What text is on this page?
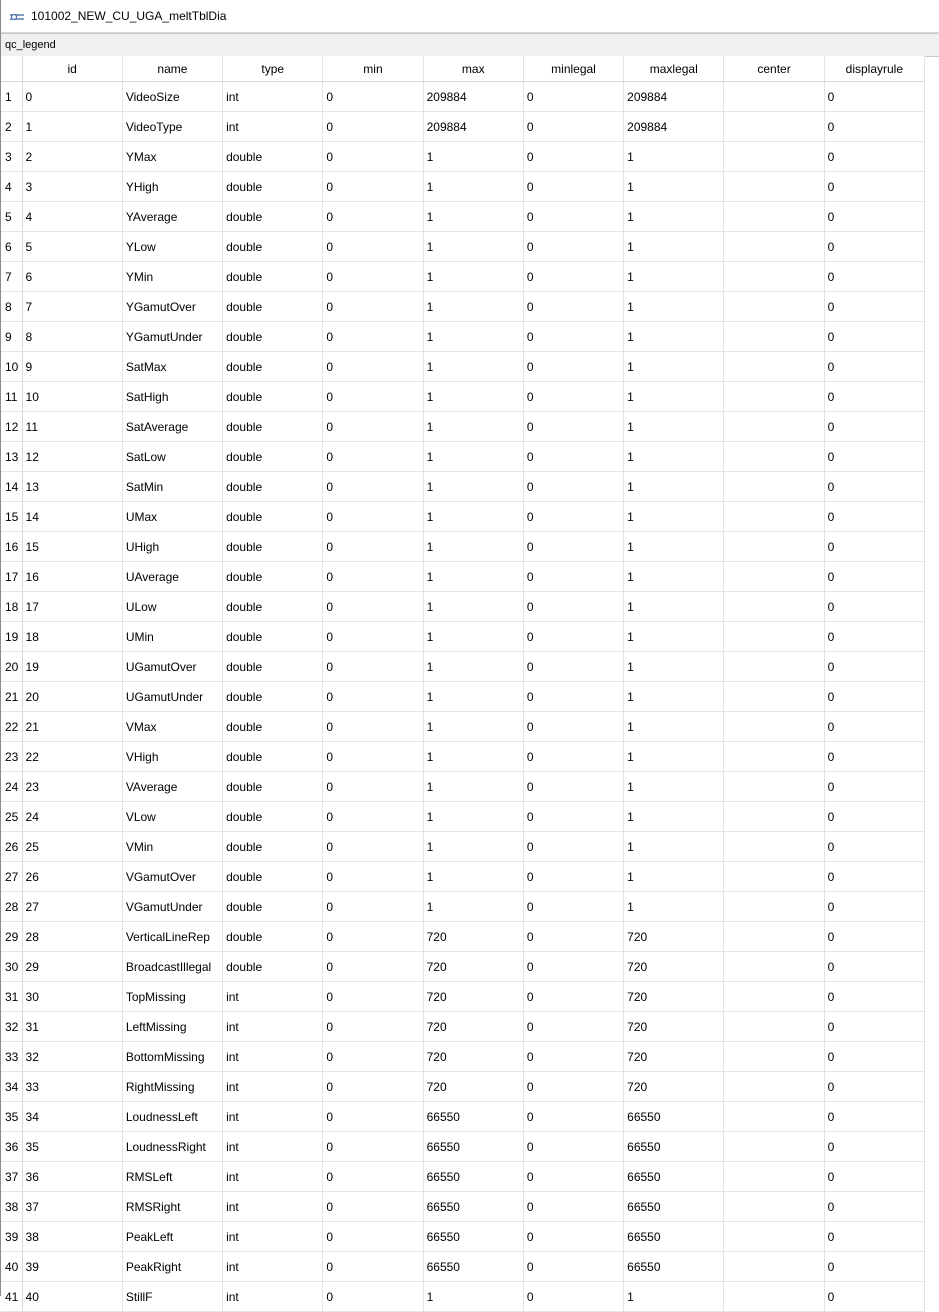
101002_NEW_CU_UGA_meltTblDia
qc_legend
	id	name	type	min	max	minlegal	maxlegal	center	displayrule
1	0	VideoSize	int	0	209884	0	209884		0
2	1	VideoType	int	0	209884	0	209884		0
3	2	YMax	double	0	1	0	1		0
4	3	YHigh	double	0	1	0	1		0
5	4	YAverage	double	0	1	0	1		0
6	5	YLow	double	0	1	0	1		0
7	6	YMin	double	0	1	0	1		0
8	7	YGamutOver	double	0	1	0	1		0
9	8	YGamutUnder	double	0	1	0	1		0
10	9	SatMax	double	0	1	0	1		0
11	10	SatHigh	double	0	1	0	1		0
12	11	SatAverage	double	0	1	0	1		0
13	12	SatLow	double	0	1	0	1		0
14	13	SatMin	double	0	1	0	1		0
15	14	UMax	double	0	1	0	1		0
16	15	UHigh	double	0	1	0	1		0
17	16	UAverage	double	0	1	0	1		0
18	17	ULow	double	0	1	0	1		0
19	18	UMin	double	0	1	0	1		0
20	19	UGamutOver	double	0	1	0	1		0
21	20	UGamutUnder	double	0	1	0	1		0
22	21	VMax	double	0	1	0	1		0
23	22	VHigh	double	0	1	0	1		0
24	23	VAverage	double	0	1	0	1		0
25	24	VLow	double	0	1	0	1		0
26	25	VMin	double	0	1	0	1		0
27	26	VGamutOver	double	0	1	0	1		0
28	27	VGamutUnder	double	0	1	0	1		0
29	28	VerticalLineRep	double	0	720	0	720		0
30	29	BroadcastIllegal	double	0	720	0	720		0
31	30	TopMissing	int	0	720	0	720		0
32	31	LeftMissing	int	0	720	0	720		0
33	32	BottomMissing	int	0	720	0	720		0
34	33	RightMissing	int	0	720	0	720		0
35	34	LoudnessLeft	int	0	66550	0	66550		0
36	35	LoudnessRight	int	0	66550	0	66550		0
37	36	RMSLeft	int	0	66550	0	66550		0
38	37	RMSRight	int	0	66550	0	66550		0
39	38	PeakLeft	int	0	66550	0	66550		0
40	39	PeakRight	int	0	66550	0	66550		0
41	40	StillF	int	0	1	0	1		0
